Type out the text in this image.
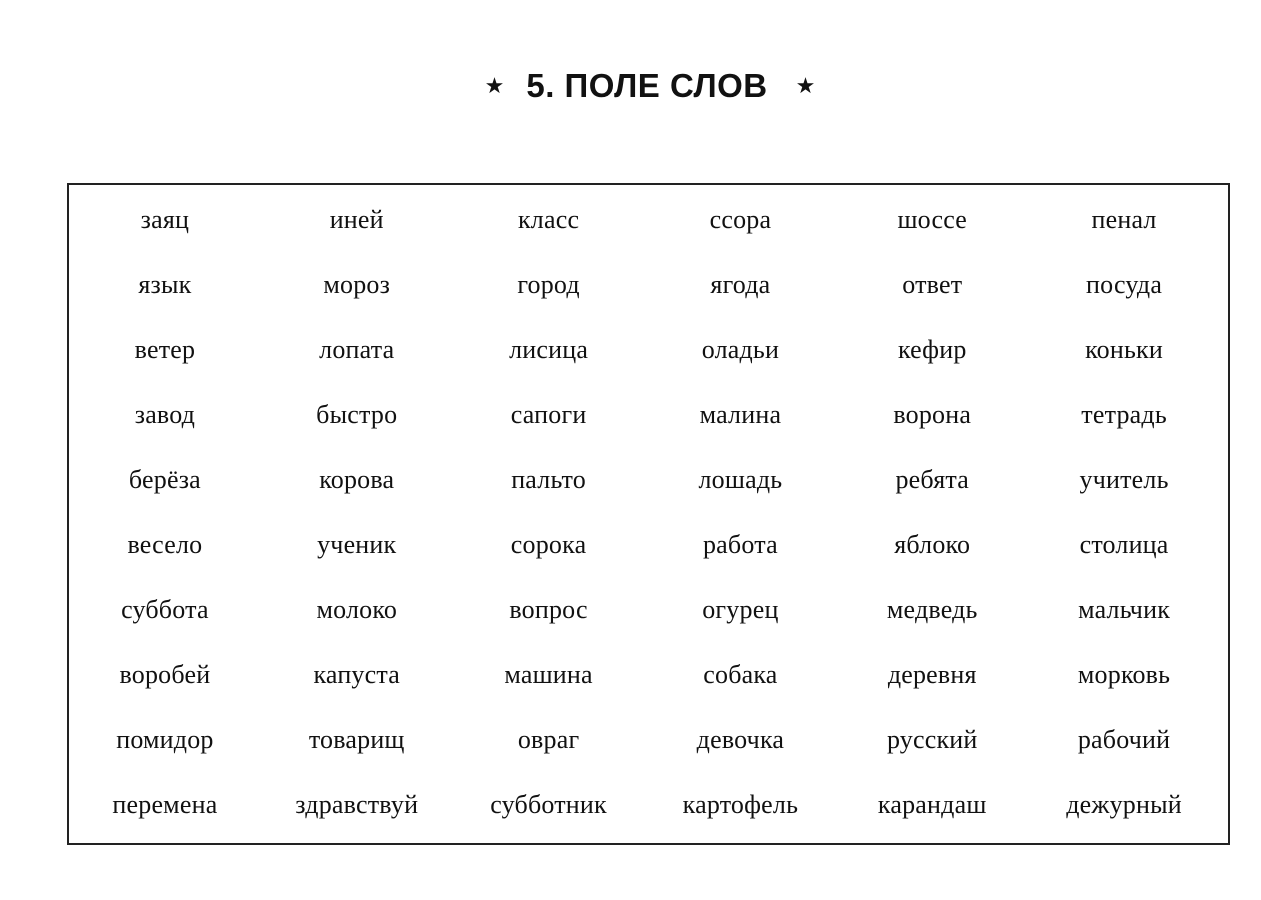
★ 5. ПОЛЕ СЛОВ ★
заяц	иней	класс	ссора	шоссе	пенал
язык	мороз	город	ягода	ответ	посуда
ветер	лопата	лисица	оладьи	кефир	коньки
завод	быстро	сапоги	малина	ворона	тетрадь
берёза	корова	пальто	лошадь	ребята	учитель
весело	ученик	сорока	работа	яблоко	столица
суббота	молоко	вопрос	огурец	медведь	мальчик
воробей	капуста	машина	собака	деревня	морковь
помидор	товарищ	овраг	девочка	русский	рабочий
перемена	здравствуй	субботник	картофель	карандаш	дежурный
